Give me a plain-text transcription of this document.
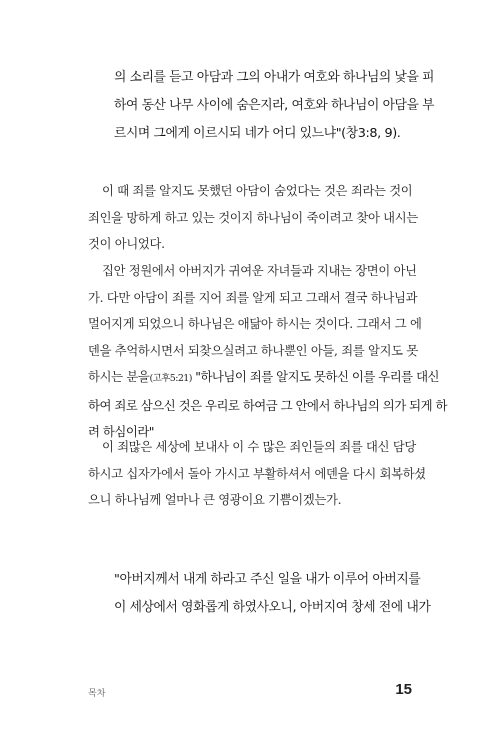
의 소리를 듣고 아담과 그의 아내가 여호와 하나님의 낯을 피
하여 동산 나무 사이에 숨은지라, 여호와 하나님이 아담을 부
르시며 그에게 이르시되 네가 어디 있느냐"(창3:8, 9).
이 때 죄를 알지도 못했던 아담이 숨었다는 것은 죄라는 것이
죄인을 망하게 하고 있는 것이지 하나님이 죽이려고 찾아 내시는
것이 아니었다.
집안 정원에서 아버지가 귀여운 자녀들과 지내는 장면이 아닌
가. 다만 아담이 죄를 지어 죄를 알게 되고 그래서 결국 하나님과
멀어지게 되었으니 하나님은 애닮아 하시는 것이다. 그래서 그 에
덴을 추억하시면서 되찾으실려고 하나뿐인 아들, 죄를 알지도 못
하시는 분을(고후5:21) "하나님이 죄를 알지도 못하신 이를 우리를 대신
하여 죄로 삼으신 것은 우리로 하여금 그 안에서 하나님의 의가 되게 하
려 하심이라"
이 죄많은 세상에 보내사 이 수 많은 죄인들의 죄를 대신 담당
하시고 십자가에서 돌아 가시고 부활하셔서 에덴을 다시 회복하셨
으니 하나님께 얼마나 큰 영광이요 기쁨이겠는가.
"아버지께서 내게 하라고 주신 일을 내가 이루어 아버지를
이 세상에서 영화롭게 하였사오니, 아버지여 창세 전에 내가
목차	15
